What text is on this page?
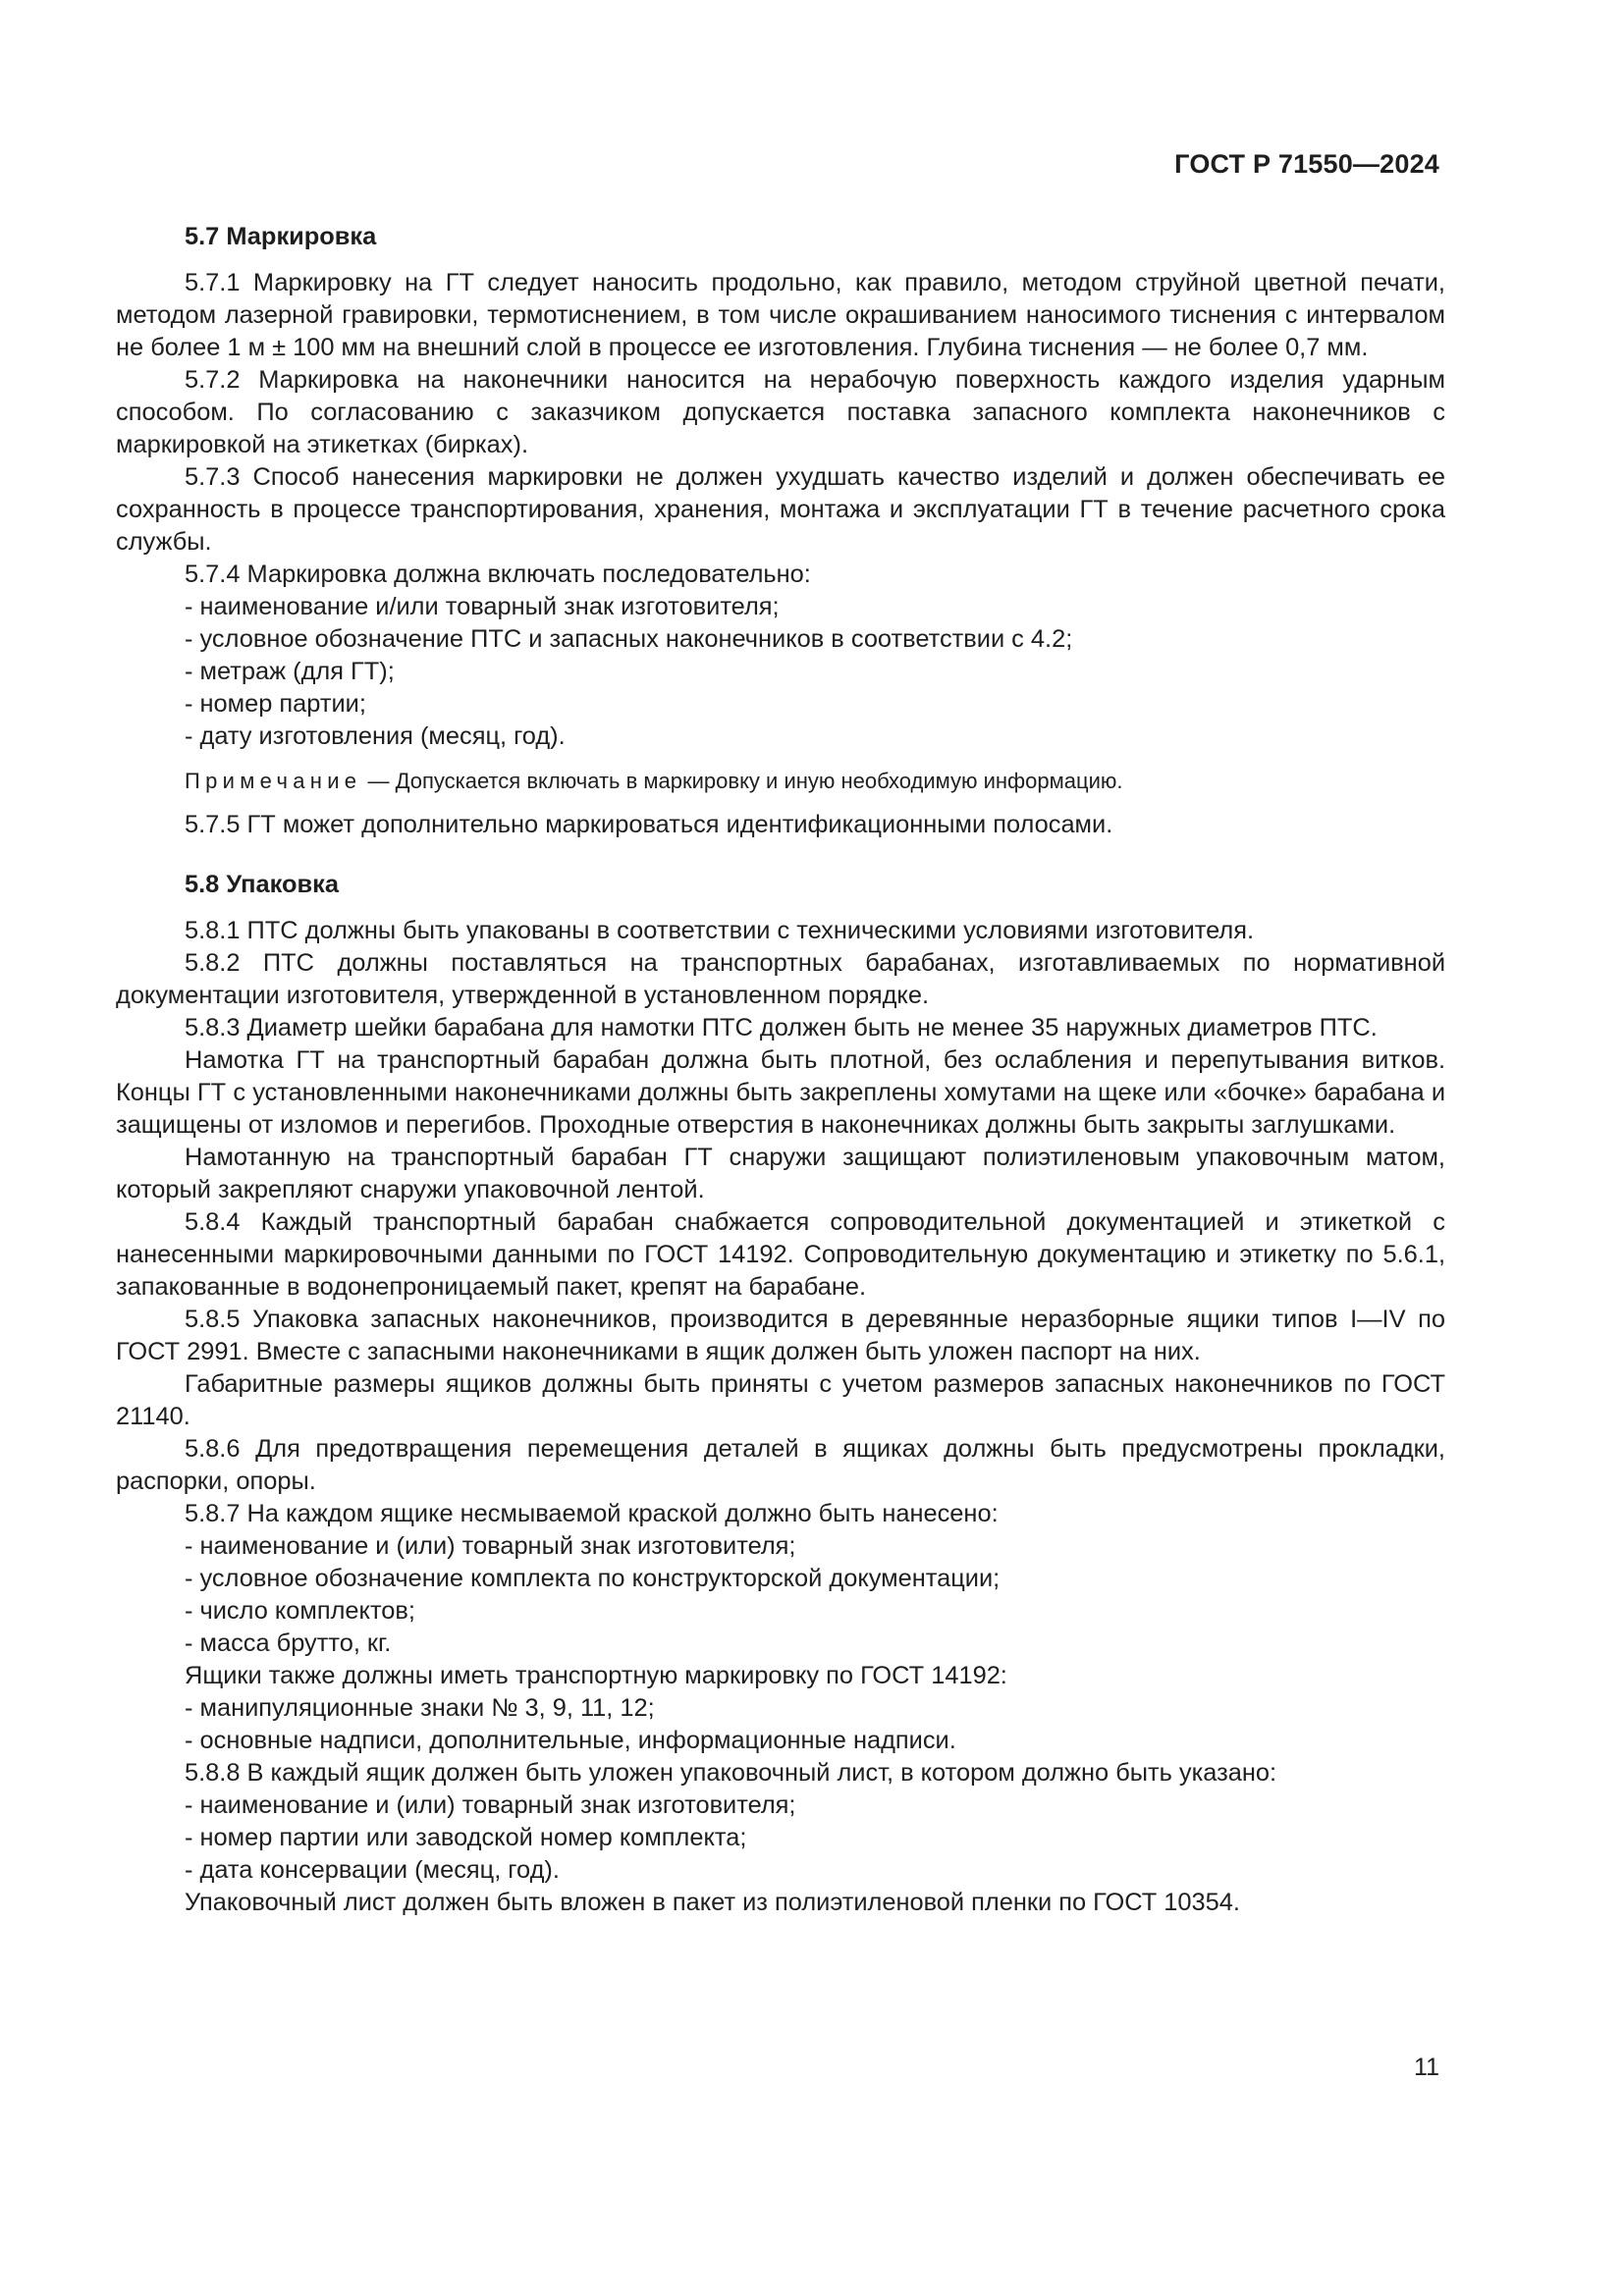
ГОСТ Р 71550—2024
5.7 Маркировка

5.7.1 Маркировку на ГТ следует наносить продольно, как правило, методом струйной цветной печати, методом лазерной гравировки, термотиснением, в том числе окрашиванием наносимого тиснения с интервалом не более 1 м ± 100 мм на внешний слой в процессе ее изготовления. Глубина тиснения — не более 0,7 мм.

5.7.2 Маркировка на наконечники наносится на нерабочую поверхность каждого изделия ударным способом. По согласованию с заказчиком допускается поставка запасного комплекта наконечников с маркировкой на этикетках (бирках).

5.7.3 Способ нанесения маркировки не должен ухудшать качество изделий и должен обеспечивать ее сохранность в процессе транспортирования, хранения, монтажа и эксплуатации ГТ в течение расчетного срока службы.

5.7.4 Маркировка должна включать последовательно:

- наименование и/или товарный знак изготовителя;
- условное обозначение ПТС и запасных наконечников в соответствии с 4.2;
- метраж (для ГТ);
- номер партии;
- дату изготовления (месяц, год).
Примечание — Допускается включать в маркировку и иную необходимую информацию.

5.7.5 ГТ может дополнительно маркироваться идентификационными полосами.

5.8 Упаковка

5.8.1 ПТС должны быть упакованы в соответствии с техническими условиями изготовителя.

5.8.2 ПТС должны поставляться на транспортных барабанах, изготавливаемых по нормативной документации изготовителя, утвержденной в установленном порядке.

5.8.3 Диаметр шейки барабана для намотки ПТС должен быть не менее 35 наружных диаметров ПТС.

Намотка ГТ на транспортный барабан должна быть плотной, без ослабления и перепутывания витков. Концы ГТ с установленными наконечниками должны быть закреплены хомутами на щеке или «бочке» барабана и защищены от изломов и перегибов. Проходные отверстия в наконечниках должны быть закрыты заглушками.

Намотанную на транспортный барабан ГТ снаружи защищают полиэтиленовым упаковочным матом, который закрепляют снаружи упаковочной лентой.

5.8.4 Каждый транспортный барабан снабжается сопроводительной документацией и этикеткой с нанесенными маркировочными данными по ГОСТ 14192. Сопроводительную документацию и этикетку по 5.6.1, запакованные в водонепроницаемый пакет, крепят на барабане.

5.8.5 Упаковка запасных наконечников, производится в деревянные неразборные ящики типов I—IV по ГОСТ 2991. Вместе с запасными наконечниками в ящик должен быть уложен паспорт на них.

Габаритные размеры ящиков должны быть приняты с учетом размеров запасных наконечников по ГОСТ 21140.

5.8.6 Для предотвращения перемещения деталей в ящиках должны быть предусмотрены прокладки, распорки, опоры.

5.8.7 На каждом ящике несмываемой краской должно быть нанесено:

- наименование и (или) товарный знак изготовителя;
- условное обозначение комплекта по конструкторской документации;
- число комплектов;
- масса брутто, кг.

Ящики также должны иметь транспортную маркировку по ГОСТ 14192:

- манипуляционные знаки № 3, 9, 11, 12;
- основные надписи, дополнительные, информационные надписи.

5.8.8 В каждый ящик должен быть уложен упаковочный лист, в котором должно быть указано:

- наименование и (или) товарный знак изготовителя;
- номер партии или заводской номер комплекта;
- дата консервации (месяц, год).

Упаковочный лист должен быть вложен в пакет из полиэтиленовой пленки по ГОСТ 10354.

11
